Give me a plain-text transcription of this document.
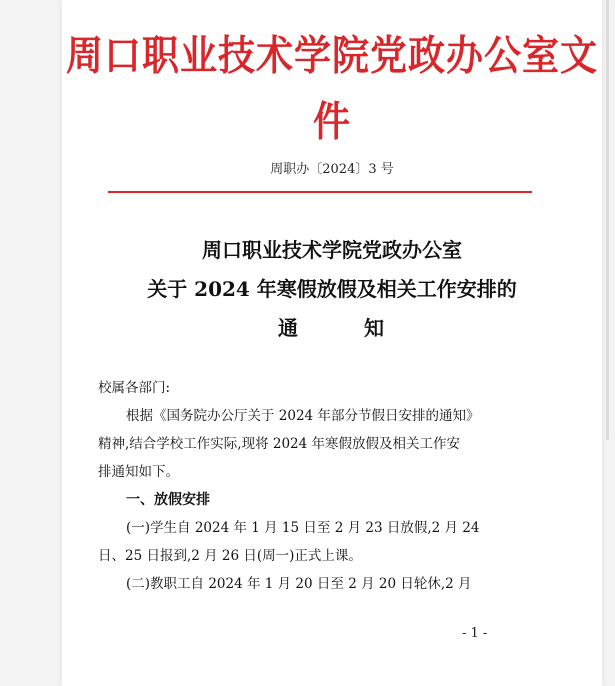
周口职业技术学院党政办公室文件
周职办〔2024〕3 号
周口职业技术学院党政办公室
关于 2024 年寒假放假及相关工作安排的
通	知
校属各部门:
根据《国务院办公厅关于 2024 年部分节假日安排的通知》
精神,结合学校工作实际,现将 2024 年寒假放假及相关工作安
排通知如下。
一、放假安排
(一)学生自 2024 年 1 月 15 日至 2 月 23 日放假,2 月 24
日、25 日报到,2 月 26 日(周一)正式上课。
(二)教职工自 2024 年 1 月 20 日至 2 月 20 日轮休,2 月
- 1 -
